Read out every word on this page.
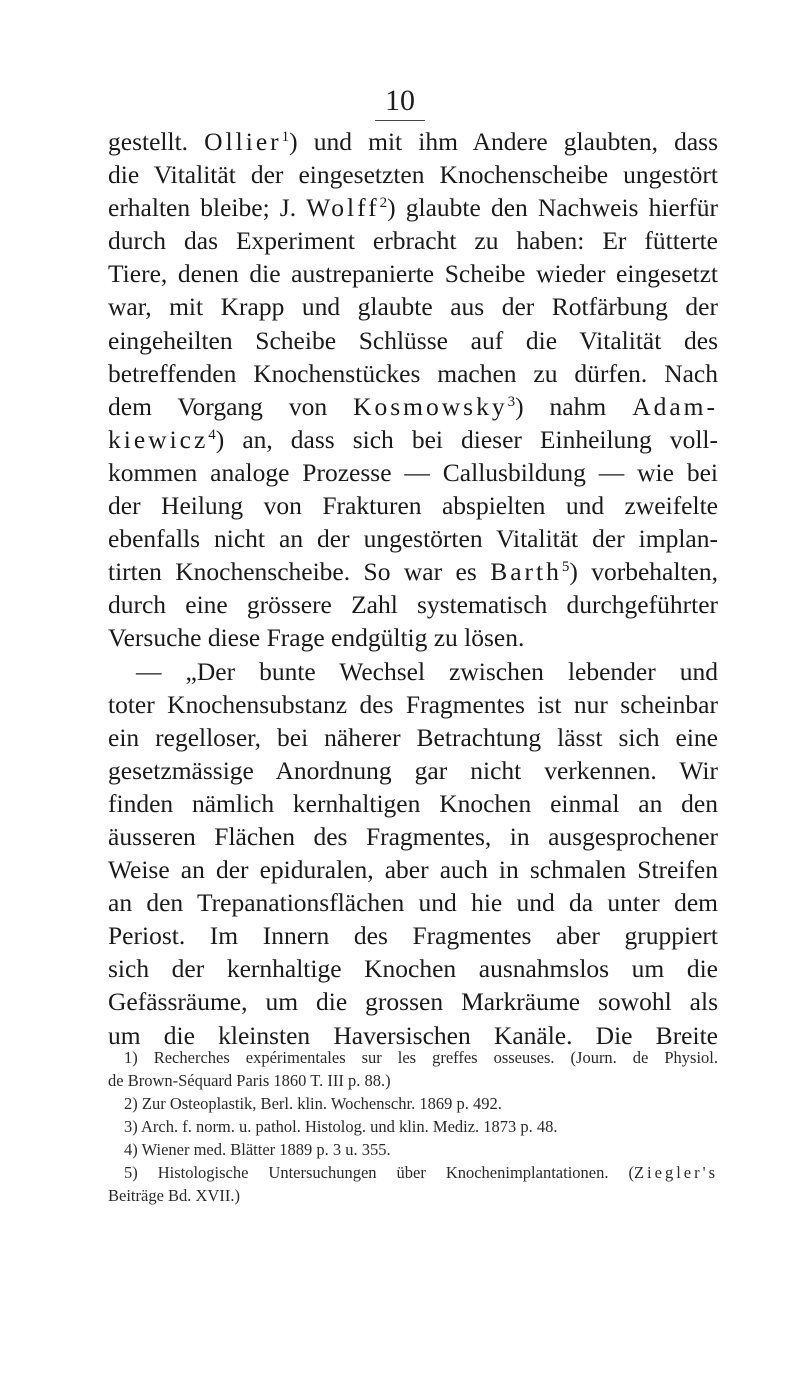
10
gestellt. Ollier$^1$) und mit ihm Andere glaubten, dass
die Vitalität der eingesetzten Knochenscheibe ungestört
erhalten bleibe; J. Wolff$^2$) glaubte den Nachweis hierfür
durch das Experiment erbracht zu haben: Er fütterte
Tiere, denen die austrepanierte Scheibe wieder eingesetzt
war, mit Krapp und glaubte aus der Rotfärbung der
eingeheilten Scheibe Schlüsse auf die Vitalität des
betreffenden Knochenstückes machen zu dürfen. Nach
dem Vorgang von Kosmowsky$^3$) nahm Adam-
kiewicz$^4$) an, dass sich bei dieser Einheilung voll-
kommen analoge Prozesse — Callusbildung — wie bei
der Heilung von Frakturen abspielten und zweifelte
ebenfalls nicht an der ungestörten Vitalität der implan-
tirten Knochenscheibe. So war es Barth$^5$) vorbehalten,
durch eine grössere Zahl systematisch durchgeführter
Versuche diese Frage endgültig zu lösen.
— „Der bunte Wechsel zwischen lebender und
toter Knochensubstanz des Fragmentes ist nur scheinbar
ein regelloser, bei näherer Betrachtung lässt sich eine
gesetzmässige Anordnung gar nicht verkennen. Wir
finden nämlich kernhaltigen Knochen einmal an den
äusseren Flächen des Fragmentes, in ausgesprochener
Weise an der epiduralen, aber auch in schmalen Streifen
an den Trepanationsflächen und hie und da unter dem
Periost. Im Innern des Fragmentes aber gruppiert
sich der kernhaltige Knochen ausnahmslos um die
Gefässräume, um die grossen Markräume sowohl als
um die kleinsten Haversischen Kanäle. Die Breite
1) Recherches expérimentales sur les greffes osseuses. (Journ. de Physiol.
de Brown-Séquard Paris 1860 T. III p. 88.)
2) Zur Osteoplastik, Berl. klin. Wochenschr. 1869 p. 492.
3) Arch. f. norm. u. pathol. Histolog. und klin. Mediz. 1873 p. 48.
4) Wiener med. Blätter 1889 p. 3 u. 355.
5) Histologische Untersuchungen über Knochenimplantationen. (Ziegler's
Beiträge Bd. XVII.)
